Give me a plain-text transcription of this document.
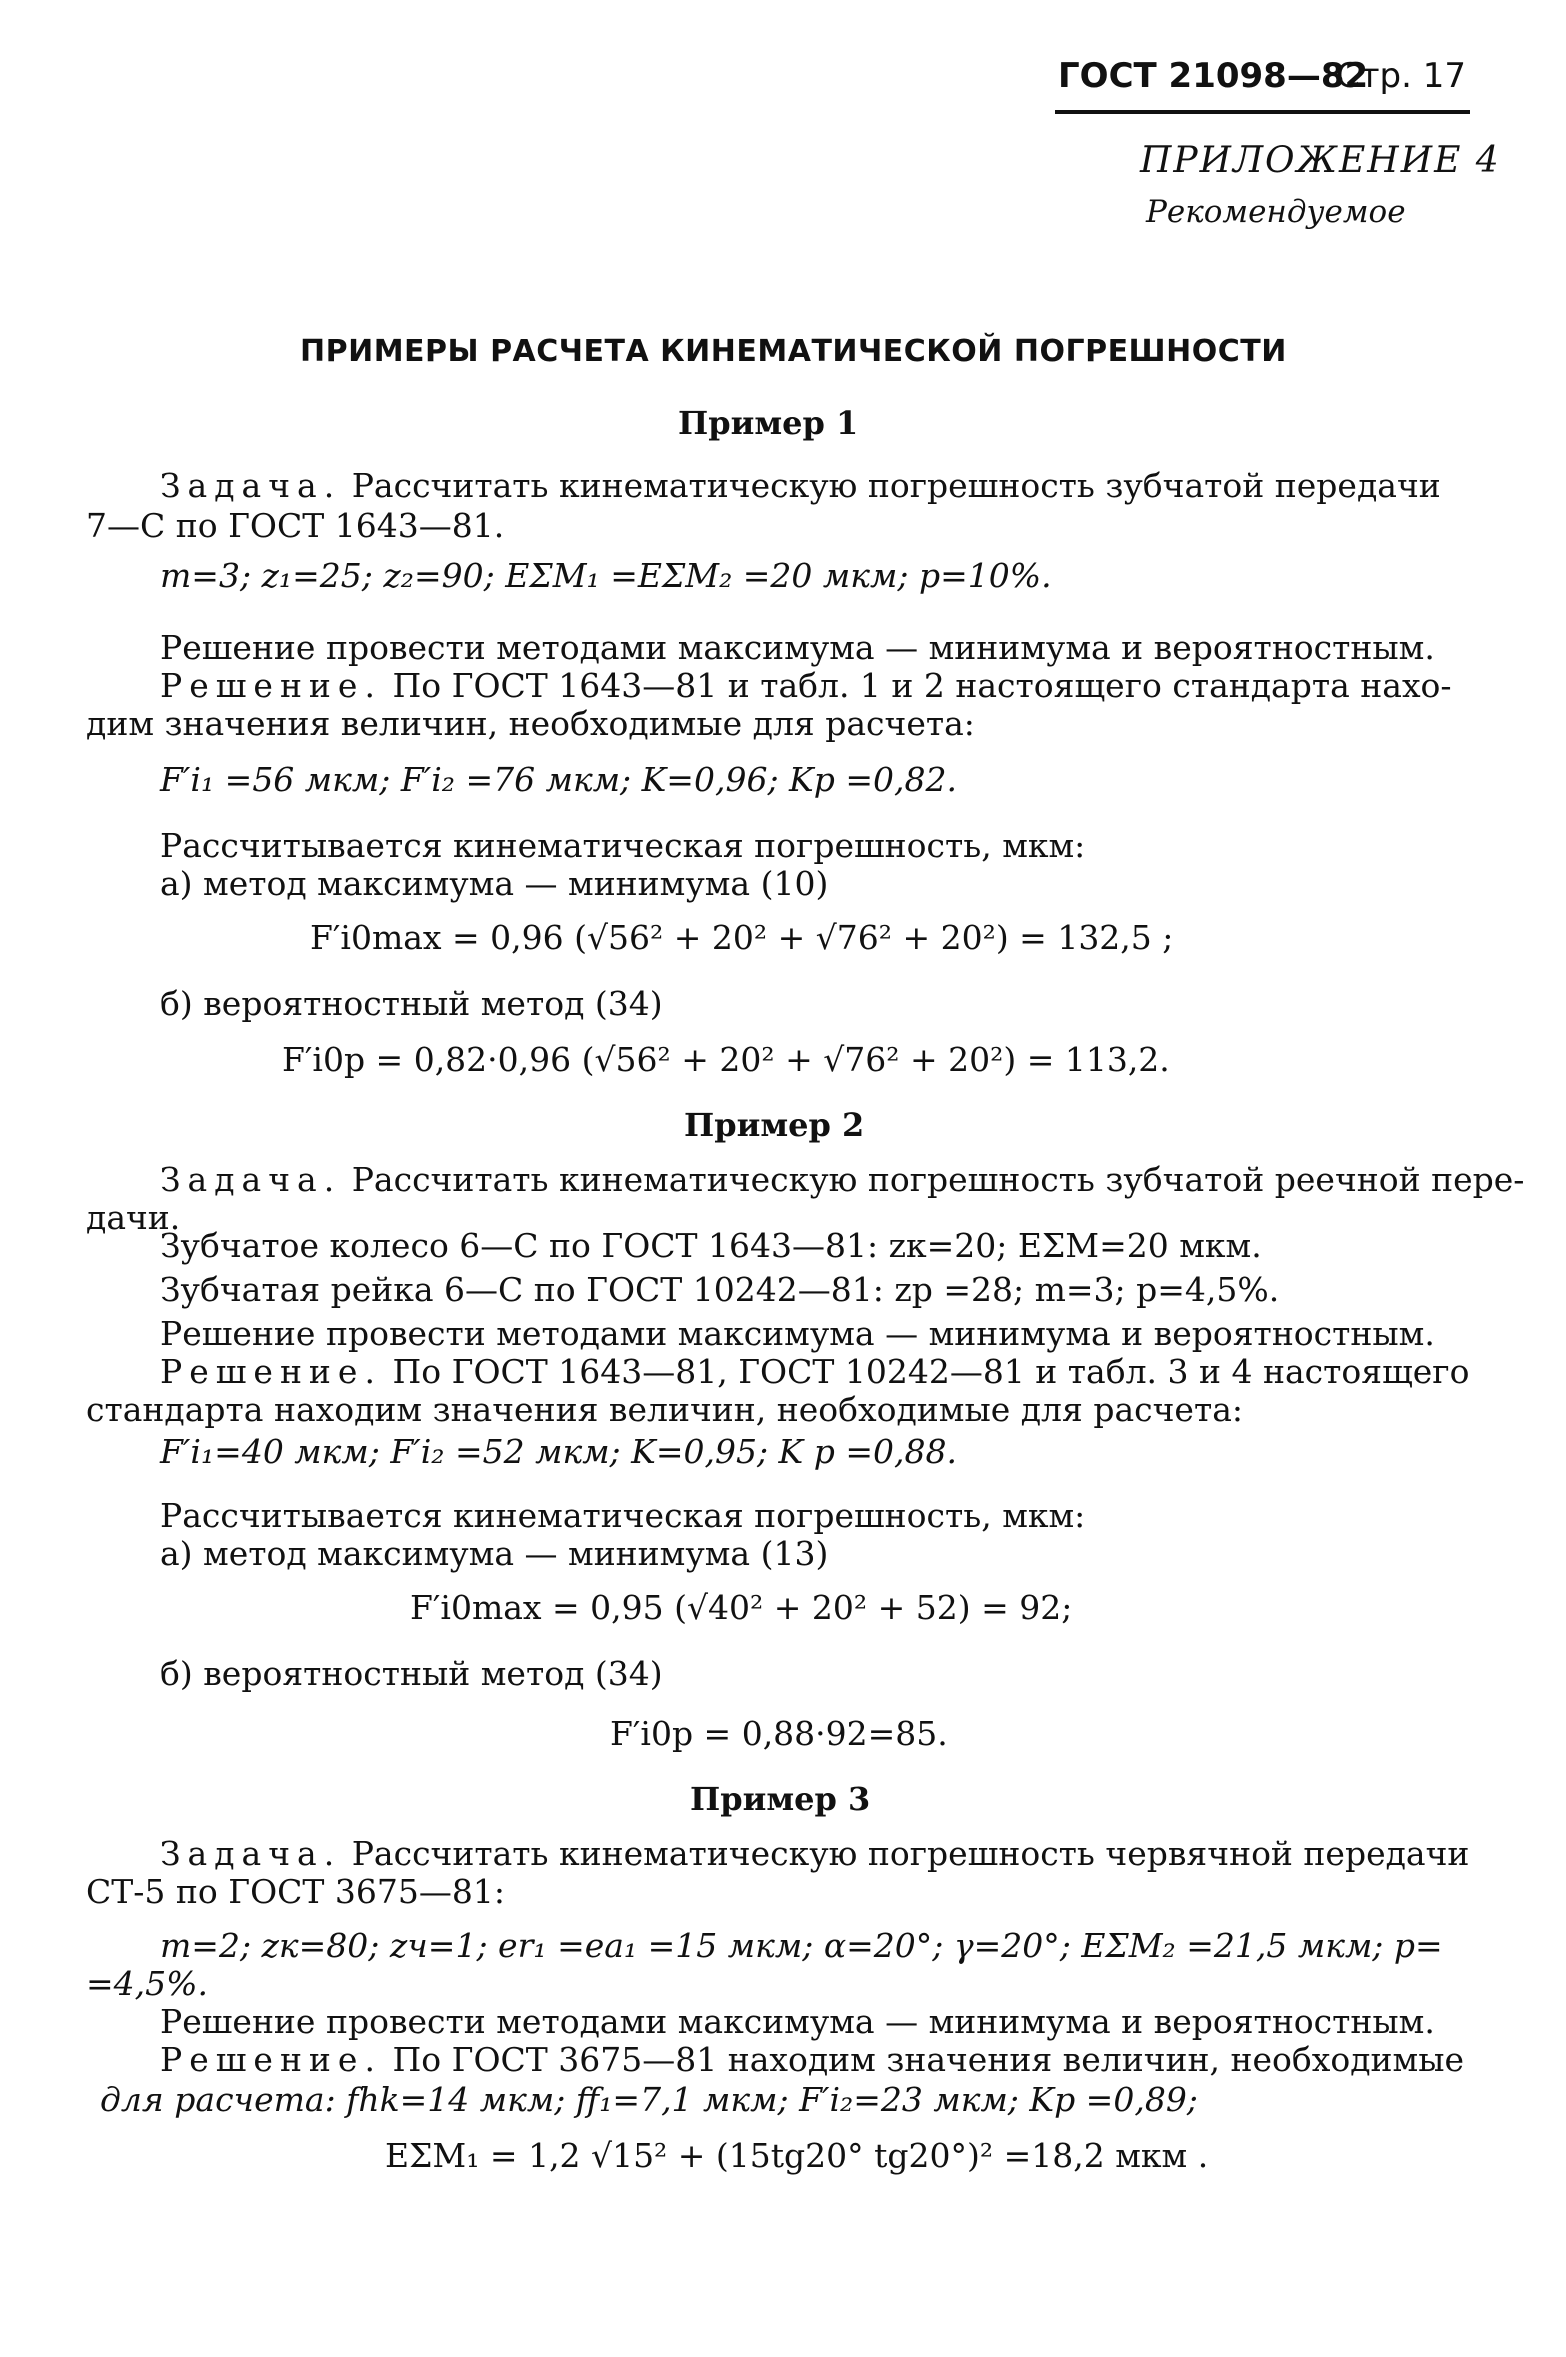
ГОСТ 21098—82
Стр. 17
ПРИЛОЖЕНИЕ 4
Рекомендуемое
ПРИМЕРЫ РАСЧЕТА КИНЕМАТИЧЕСКОЙ ПОГРЕШНОСТИ
Пример 1
Задача. Рассчитать кинематическую погрешность зубчатой передачи
7—С по ГОСТ 1643—81.
m=3; z₁=25; z₂=90; EΣM₁ =EΣM₂ =20 мкм; p=10%.
Решение провести методами максимума — минимума и вероятностным.
Решение. По ГОСТ 1643—81 и табл. 1 и 2 настоящего стандарта нахо-
дим значения величин, необходимые для расчета:
F′i₁ =56 мкм; F′i₂ =76 мкм; K=0,96; Kp =0,82.
Рассчитывается кинематическая погрешность, мкм:
а) метод максимума — минимума (10)
F′i0max = 0,96 (√56² + 20² + √76² + 20²) = 132,5 ;
б) вероятностный метод (34)
F′i0p = 0,82·0,96 (√56² + 20² + √76² + 20²) = 113,2.
Пример 2
Задача. Рассчитать кинематическую погрешность зубчатой реечной пере-
дачи.
Зубчатое колесо 6—С по ГОСТ 1643—81: zк=20; EΣM=20 мкм.
Зубчатая рейка 6—С по ГОСТ 10242—81: zр =28; m=3; p=4,5%.
Решение провести методами максимума — минимума и вероятностным.
Решение. По ГОСТ 1643—81, ГОСТ 10242—81 и табл. 3 и 4 настоящего
стандарта находим значения величин, необходимые для расчета:
F′i₁=40 мкм; F′i₂ =52 мкм; K=0,95; K p =0,88.
Рассчитывается кинематическая погрешность, мкм:
а) метод максимума — минимума (13)
F′i0max = 0,95 (√40² + 20² + 52) = 92;
б) вероятностный метод (34)
F′i0p = 0,88·92=85.
Пример 3
Задача. Рассчитать кинематическую погрешность червячной передачи
СТ-5 по ГОСТ 3675—81:
m=2; zк=80; zч=1; er₁ =ea₁ =15 мкм; α=20°; γ=20°; EΣM₂ =21,5 мкм; p=
=4,5%.
Решение провести методами максимума — минимума и вероятностным.
Решение. По ГОСТ 3675—81 находим значения величин, необходимые
для расчета: fhk=14 мкм; ff₁=7,1 мкм; F′i₂=23 мкм; Kp =0,89;
EΣM₁ = 1,2 √15² + (15tg20° tg20°)² =18,2 мкм .
